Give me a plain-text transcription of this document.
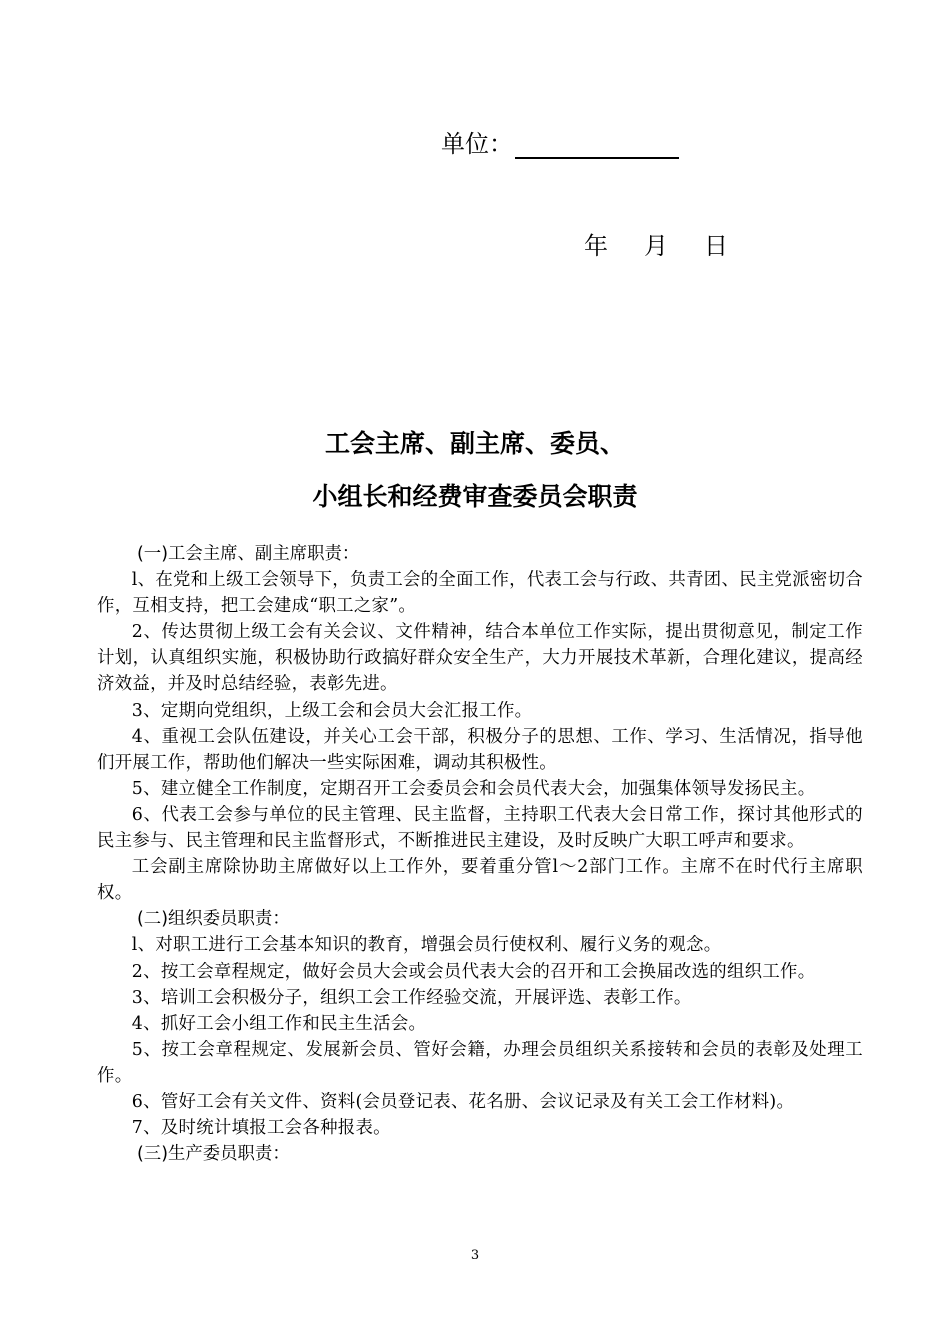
单位：
年 月 日
工会主席、副主席、委员、
小组长和经费审查委员会职责

(一)工会主席、副主席职责：

l、在党和上级工会领导下，负责工会的全面工作，代表工会与行政、共青团、民主党派密切合作，互相支持，把工会建成“职工之家”。

2、传达贯彻上级工会有关会议、文件精神，结合本单位工作实际，提出贯彻意见，制定工作计划，认真组织实施，积极协助行政搞好群众安全生产，大力开展技术革新，合理化建议，提高经济效益，并及时总结经验，表彰先进。

3、定期向党组织，上级工会和会员大会汇报工作。

4、重视工会队伍建设，并关心工会干部，积极分子的思想、工作、学习、生活情况，指导他们开展工作，帮助他们解决一些实际困难，调动其积极性。

5、建立健全工作制度，定期召开工会委员会和会员代表大会，加强集体领导发扬民主。

6、代表工会参与单位的民主管理、民主监督，主持职工代表大会日常工作，探讨其他形式的民主参与、民主管理和民主监督形式，不断推进民主建设，及时反映广大职工呼声和要求。

工会副主席除协助主席做好以上工作外，要着重分管l～2部门工作。主席不在时代行主席职权。

(二)组织委员职责：

l、对职工进行工会基本知识的教育，增强会员行使权利、履行义务的观念。

2、按工会章程规定，做好会员大会或会员代表大会的召开和工会换届改选的组织工作。

3、培训工会积极分子，组织工会工作经验交流，开展评选、表彰工作。

4、抓好工会小组工作和民主生活会。

5、按工会章程规定、发展新会员、管好会籍，办理会员组织关系接转和会员的表彰及处理工作。

6、管好工会有关文件、资料(会员登记表、花名册、会议记录及有关工会工作材料)。

7、及时统计填报工会各种报表。

(三)生产委员职责：

3
